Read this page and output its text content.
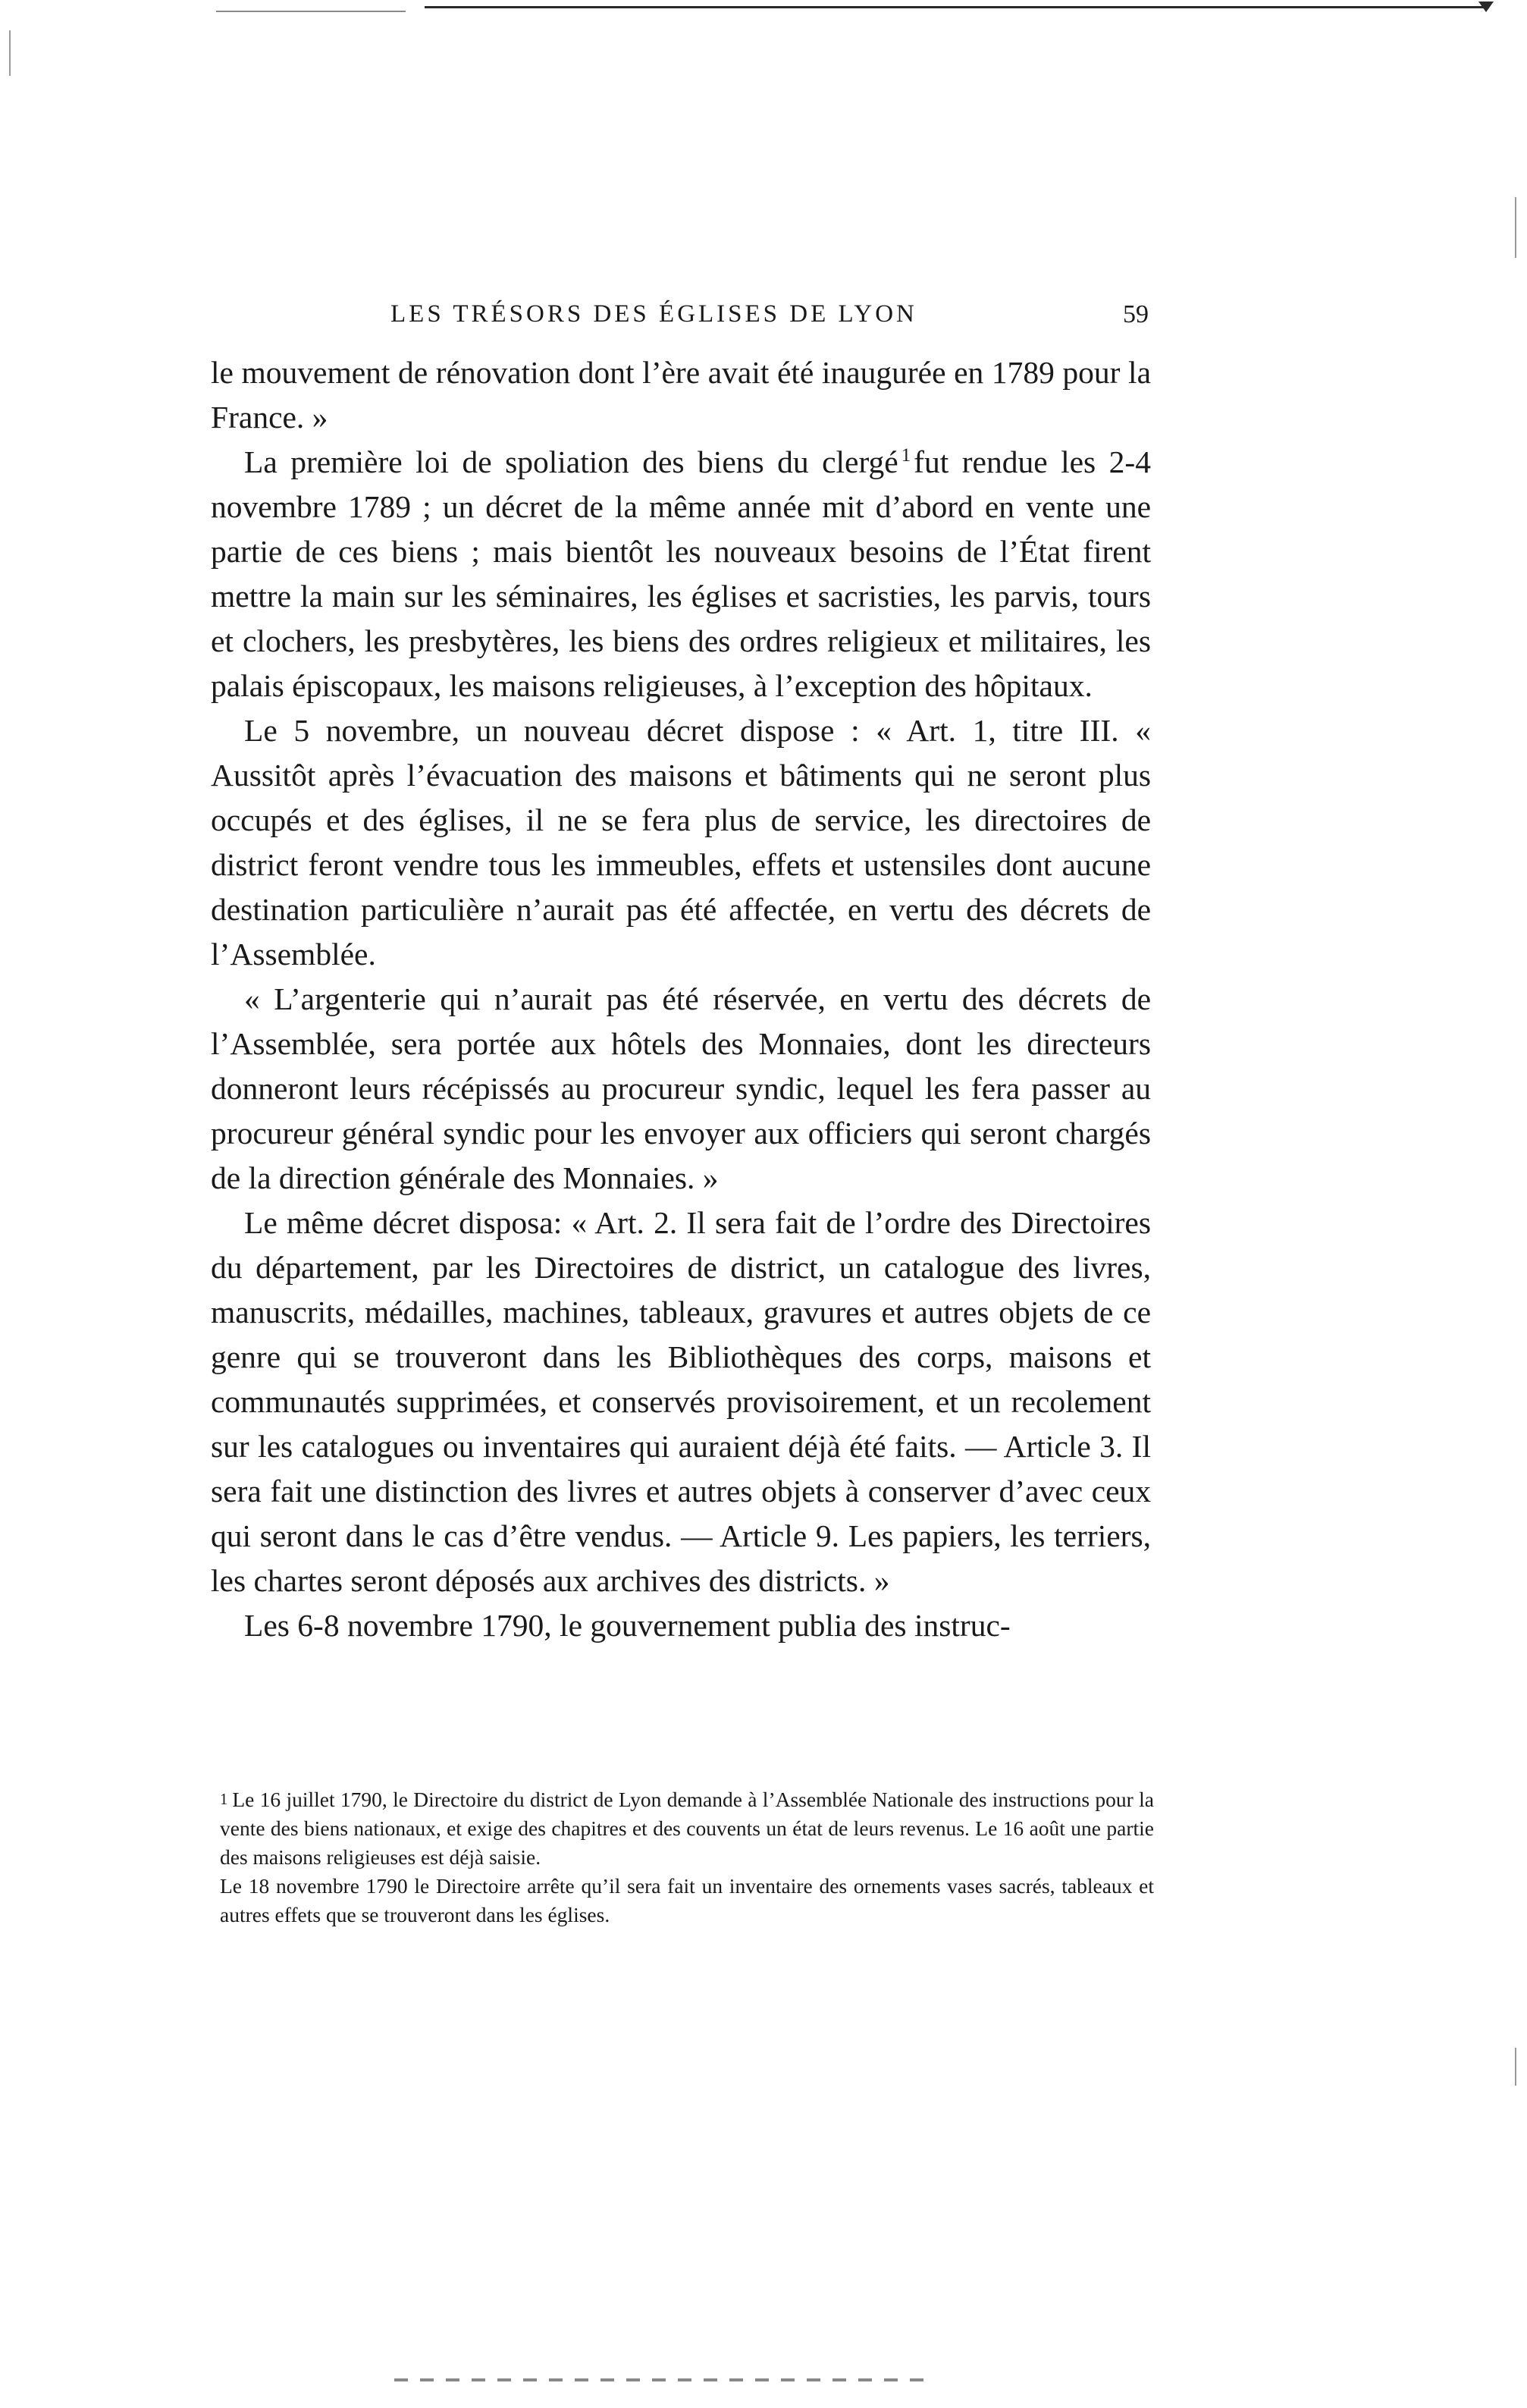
LES TRÉSORS DES ÉGLISES DE LYON	59

le mouvement de rénovation dont l’ère avait été inaugurée en 1789 pour la France. »

La première loi de spoliation des biens du clergé $^1$fut rendue les 2-4 novembre 1789 ; un décret de la même année mit d’abord en vente une partie de ces biens ; mais bientôt les nouveaux besoins de l’État firent mettre la main sur les séminaires, les églises et sacristies, les parvis, tours et clochers, les presbytères, les biens des ordres religieux et militaires, les palais épiscopaux, les maisons religieuses, à l’exception des hôpitaux.

Le 5 novembre, un nouveau décret dispose : « Art. 1, titre III. « Aussitôt après l’évacuation des maisons et bâtiments qui ne seront plus occupés et des églises, il ne se fera plus de service, les directoires de district feront vendre tous les immeubles, effets et ustensiles dont aucune destination particulière n’aurait pas été affectée, en vertu des décrets de l’Assemblée.

« L’argenterie qui n’aurait pas été réservée, en vertu des décrets de l’Assemblée, sera portée aux hôtels des Monnaies, dont les directeurs donneront leurs récépissés au procureur syndic, lequel les fera passer au procureur général syndic pour les envoyer aux officiers qui seront chargés de la direction générale des Monnaies. »

Le même décret disposa: « Art. 2. Il sera fait de l’ordre des Directoires du département, par les Directoires de district, un catalogue des livres, manuscrits, médailles, machines, tableaux, gravures et autres objets de ce genre qui se trouveront dans les Bibliothèques des corps, maisons et communautés supprimées, et conservés provisoirement, et un recolement sur les catalogues ou inventaires qui auraient déjà été faits. — Article 3. Il sera fait une distinction des livres et autres objets à conserver d’avec ceux qui seront dans le cas d’être vendus. — Article 9. Les papiers, les terriers, les chartes seront déposés aux archives des districts. »

Les 6-8 novembre 1790, le gouvernement publia des instruc-

$^1$ Le 16 juillet 1790, le Directoire du district de Lyon demande à l’Assemblée Nationale des instructions pour la vente des biens nationaux, et exige des chapitres et des couvents un état de leurs revenus. Le 16 août une partie des maisons religieuses est déjà saisie.

Le 18 novembre 1790 le Directoire arrête qu’il sera fait un inventaire des ornements vases sacrés, tableaux et autres effets que se trouveront dans les églises.
